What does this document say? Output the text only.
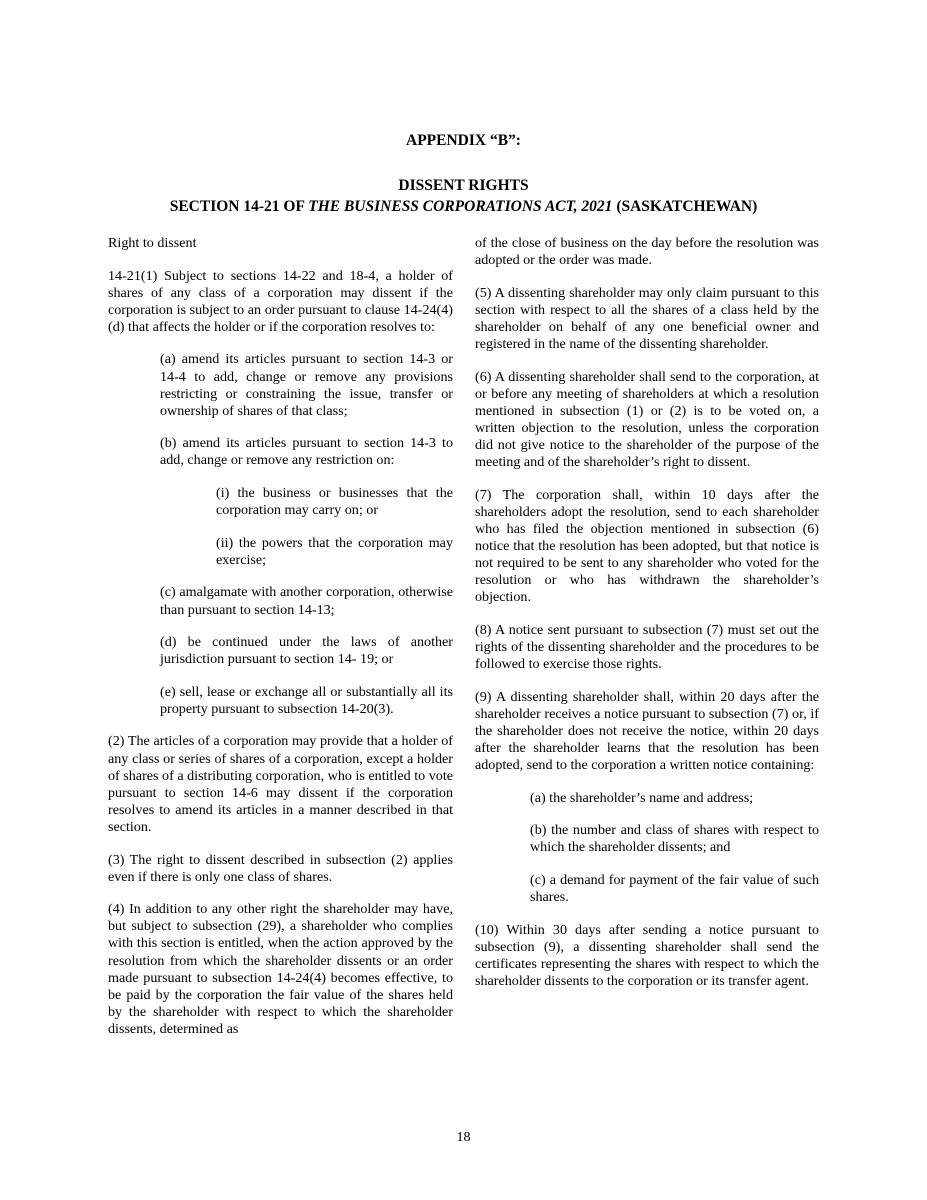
APPENDIX “B”:
DISSENT RIGHTS
SECTION 14-21 OF THE BUSINESS CORPORATIONS ACT, 2021 (SASKATCHEWAN)

Right to dissent

14-21(1) Subject to sections 14-22 and 18-4, a holder of shares of any class of a corporation may dissent if the corporation is subject to an order pursuant to clause 14-24(4)(d) that affects the holder or if the corporation resolves to:

(a) amend its articles pursuant to section 14-3 or 14-4 to add, change or remove any provisions restricting or constraining the issue, transfer or ownership of shares of that class;

(b) amend its articles pursuant to section 14-3 to add, change or remove any restriction on:

(i) the business or businesses that the corporation may carry on; or

(ii) the powers that the corporation may exercise;

(c) amalgamate with another corporation, otherwise than pursuant to section 14-13;

(d) be continued under the laws of another jurisdiction pursuant to section 14- 19; or

(e) sell, lease or exchange all or substantially all its property pursuant to subsection 14-20(3).

(2) The articles of a corporation may provide that a holder of any class or series of shares of a corporation, except a holder of shares of a distributing corporation, who is entitled to vote pursuant to section 14-6 may dissent if the corporation resolves to amend its articles in a manner described in that section.

(3) The right to dissent described in subsection (2) applies even if there is only one class of shares.

(4) In addition to any other right the shareholder may have, but subject to subsection (29), a shareholder who complies with this section is entitled, when the action approved by the resolution from which the shareholder dissents or an order made pursuant to subsection 14-24(4) becomes effective, to be paid by the corporation the fair value of the shares held by the shareholder with respect to which the shareholder dissents, determined as

of the close of business on the day before the resolution was adopted or the order was made.

(5) A dissenting shareholder may only claim pursuant to this section with respect to all the shares of a class held by the shareholder on behalf of any one beneficial owner and registered in the name of the dissenting shareholder.

(6) A dissenting shareholder shall send to the corporation, at or before any meeting of shareholders at which a resolution mentioned in subsection (1) or (2) is to be voted on, a written objection to the resolution, unless the corporation did not give notice to the shareholder of the purpose of the meeting and of the shareholder’s right to dissent.

(7) The corporation shall, within 10 days after the shareholders adopt the resolution, send to each shareholder who has filed the objection mentioned in subsection (6) notice that the resolution has been adopted, but that notice is not required to be sent to any shareholder who voted for the resolution or who has withdrawn the shareholder’s objection.

(8) A notice sent pursuant to subsection (7) must set out the rights of the dissenting shareholder and the procedures to be followed to exercise those rights.

(9) A dissenting shareholder shall, within 20 days after the shareholder receives a notice pursuant to subsection (7) or, if the shareholder does not receive the notice, within 20 days after the shareholder learns that the resolution has been adopted, send to the corporation a written notice containing:

(a) the shareholder’s name and address;

(b) the number and class of shares with respect to which the shareholder dissents; and

(c) a demand for payment of the fair value of such shares.

(10) Within 30 days after sending a notice pursuant to subsection (9), a dissenting shareholder shall send the certificates representing the shares with respect to which the shareholder dissents to the corporation or its transfer agent.

18
